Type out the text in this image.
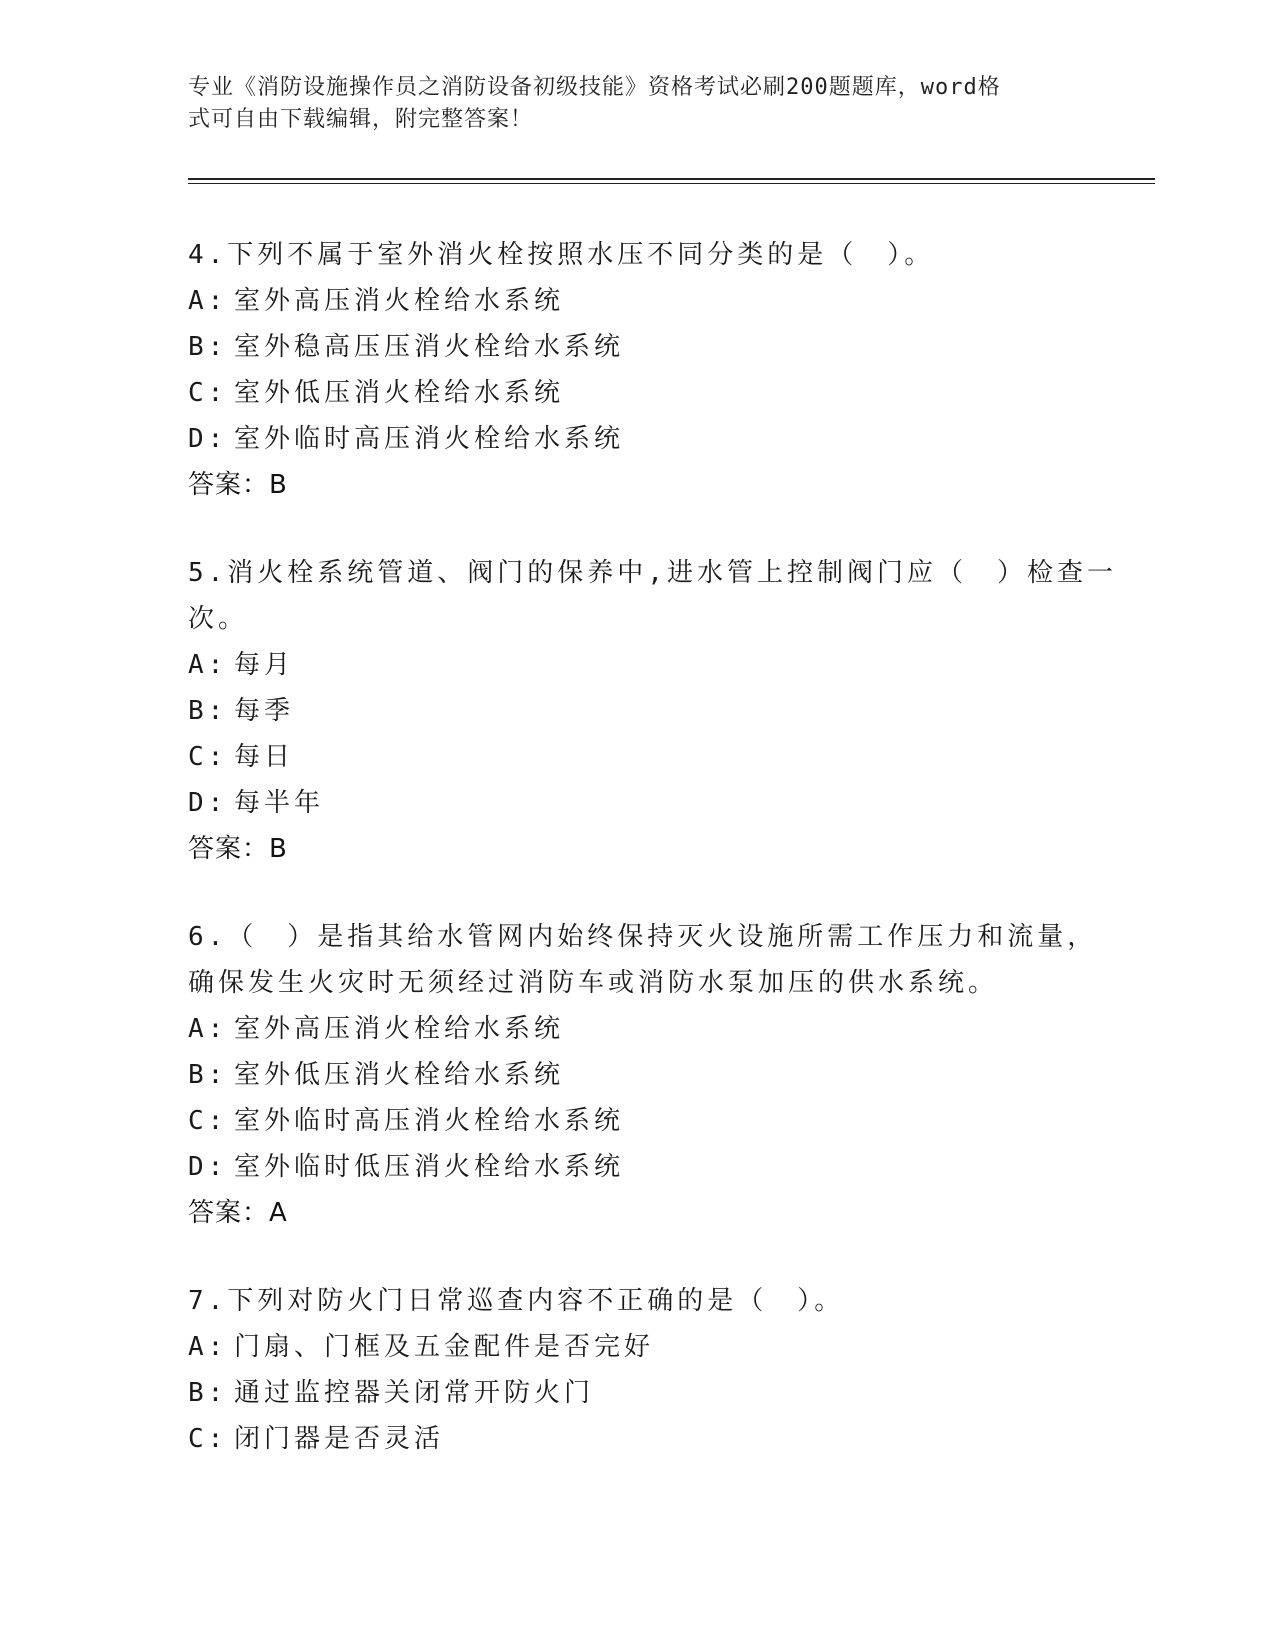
专业《消防设施操作员之消防设备初级技能》资格考试必刷200题题库，word格
式可自由下载编辑，附完整答案！
4.下列不属于室外消火栓按照水压不同分类的是（　）。
A: 室外高压消火栓给水系统
B: 室外稳高压压消火栓给水系统
C: 室外低压消火栓给水系统
D: 室外临时高压消火栓给水系统
答案：B
5.消火栓系统管道、阀门的保养中,进水管上控制阀门应（　）检查一
次。
A: 每月
B: 每季
C: 每日
D: 每半年
答案：B
6.（　）是指其给水管网内始终保持灭火设施所需工作压力和流量，
确保发生火灾时无须经过消防车或消防水泵加压的供水系统。
A: 室外高压消火栓给水系统
B: 室外低压消火栓给水系统
C: 室外临时高压消火栓给水系统
D: 室外临时低压消火栓给水系统
答案：A
7.下列对防火门日常巡查内容不正确的是（　）。
A: 门扇、门框及五金配件是否完好
B: 通过监控器关闭常开防火门
C: 闭门器是否灵活
